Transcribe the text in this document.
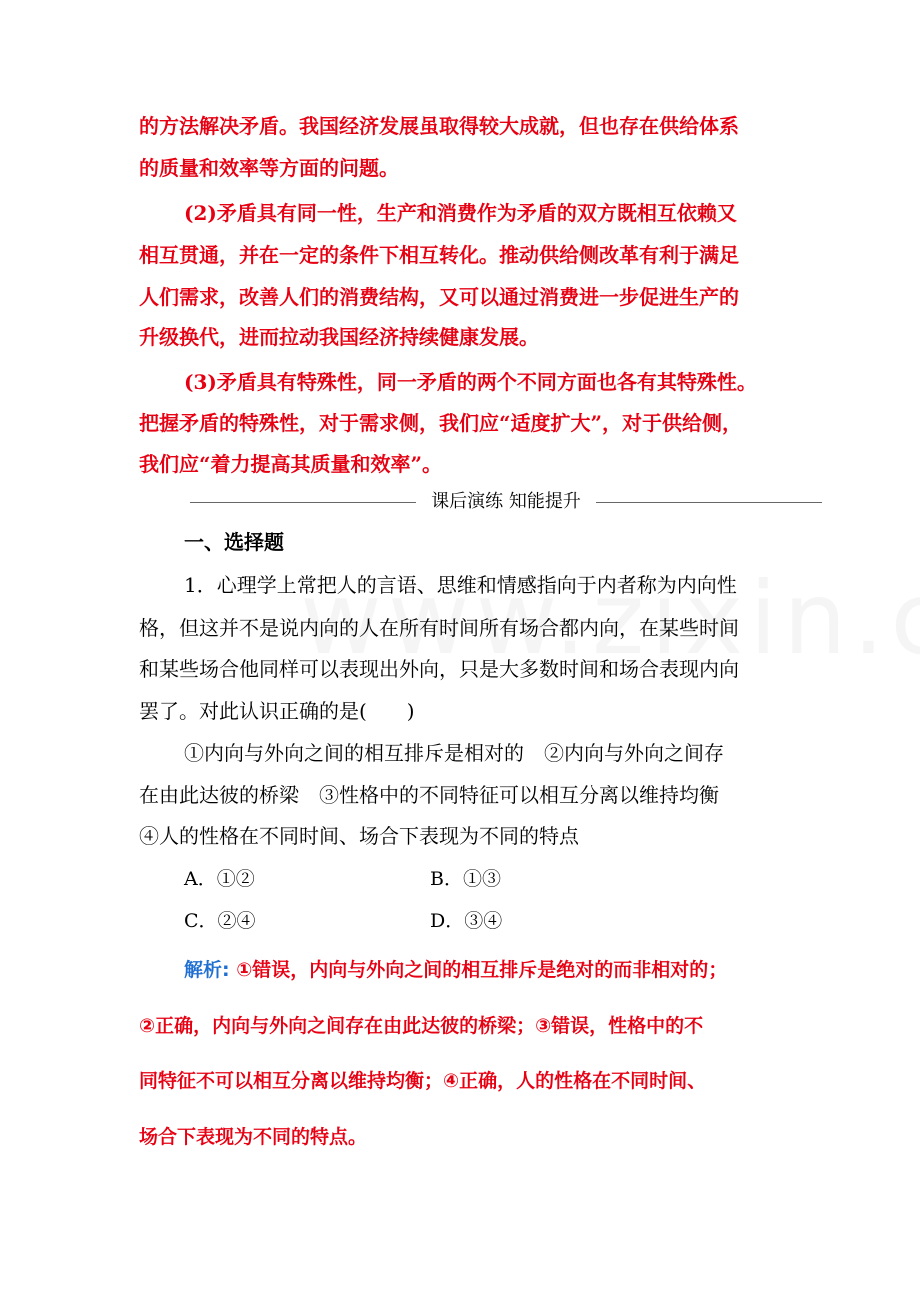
的方法解决矛盾。我国经济发展虽取得较大成就，但也存在供给体系
的质量和效率等方面的问题。
(2)矛盾具有同一性，生产和消费作为矛盾的双方既相互依赖又
相互贯通，并在一定的条件下相互转化。推动供给侧改革有利于满足
人们需求，改善人们的消费结构，又可以通过消费进一步促进生产的
升级换代，进而拉动我国经济持续健康发展。
(3)矛盾具有特殊性，同一矛盾的两个不同方面也各有其特殊性。
把握矛盾的特殊性，对于需求侧，我们应“适度扩大”，对于供给侧，
我们应“着力提高其质量和效率”。
课后演练 知能提升
一、选择题
1．心理学上常把人的言语、思维和情感指向于内者称为内向性
格，但这并不是说内向的人在所有时间所有场合都内向，在某些时间
和某些场合他同样可以表现出外向，只是大多数时间和场合表现内向
罢了。对此认识正确的是(　　)
①内向与外向之间的相互排斥是相对的　②内向与外向之间存
在由此达彼的桥梁　③性格中的不同特征可以相互分离以维持均衡
④人的性格在不同时间、场合下表现为不同的特点
A．①②	B．①③
C．②④	D．③④
解析: ①错误，内向与外向之间的相互排斥是绝对的而非相对的；
②正确，内向与外向之间存在由此达彼的桥梁；③错误，性格中的不
同特征不可以相互分离以维持均衡；④正确，人的性格在不同时间、
场合下表现为不同的特点。
